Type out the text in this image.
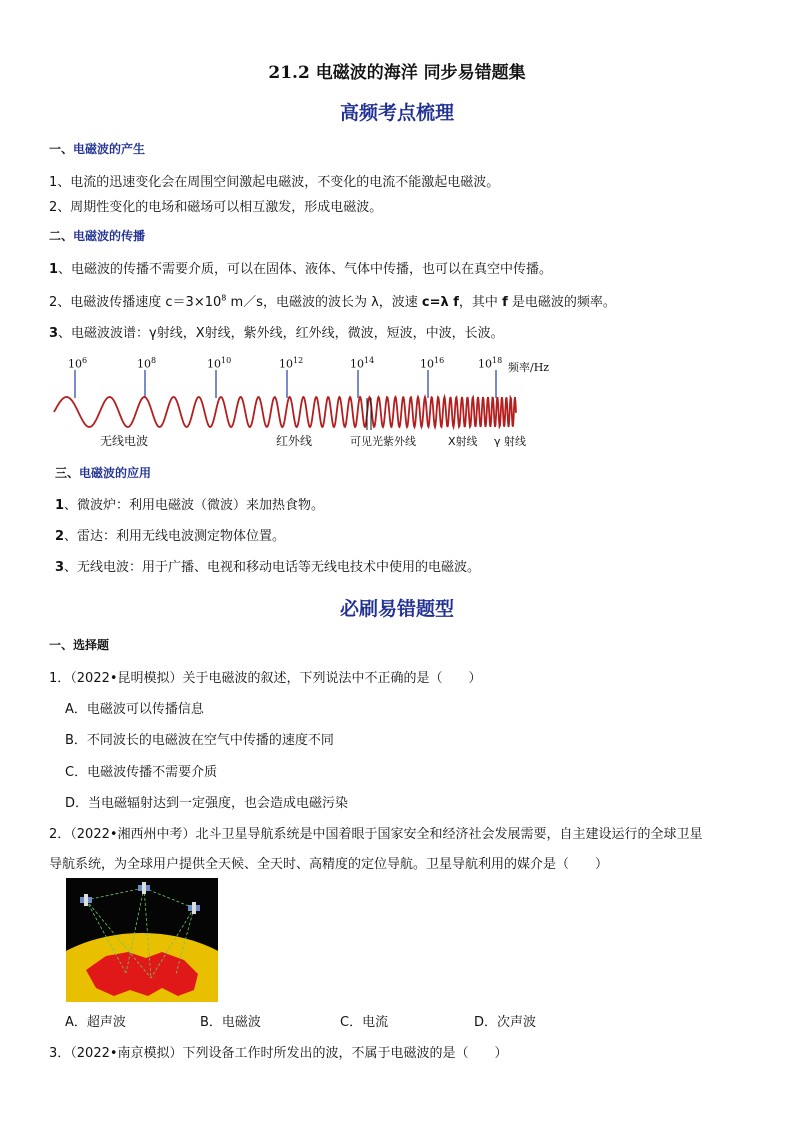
21.2 电磁波的海洋 同步易错题集
高频考点梳理
一、电磁波的产生
1、电流的迅速变化会在周围空间激起电磁波，不变化的电流不能激起电磁波。
2、周期性变化的电场和磁场可以相互激发，形成电磁波。
二、电磁波的传播
1、电磁波的传播不需要介质，可以在固体、液体、气体中传播，也可以在真空中传播。
2、电磁波传播速度 $c=3\times 10^8$ m／s，电磁波的波长为 λ，波速 c=λ f，其中 f 是电磁波的频率。
3、电磁波波谱：γ射线，X射线，紫外线，红外线，微波，短波，中波，长波。
$10^6$	$10^8$	$10^{10}$	$10^{12}$	$10^{14}$	$10^{16}$	$10^{18}$
频率/Hz
无线电波	红外线	可见光紫外线	X射线 γ 射线
三、电磁波的应用
1、微波炉：利用电磁波（微波）来加热食物。
2、雷达：利用无线电波测定物体位置。
3、无线电波：用于广播、电视和移动电话等无线电技术中使用的电磁波。
必刷易错题型
一、选择题
1．（2022•昆明模拟）关于电磁波的叙述，下列说法中不正确的是（　　）
A．电磁波可以传播信息
B．不同波长的电磁波在空气中传播的速度不同
C．电磁波传播不需要介质
D．当电磁辐射达到一定强度，也会造成电磁污染
2．（2022•湘西州中考）北斗卫星导航系统是中国着眼于国家安全和经济社会发展需要，自主建设运行的全球卫星
导航系统，为全球用户提供全天候、全天时、高精度的定位导航。卫星导航利用的媒介是（　　）
A．超声波	B．电磁波	C．电流	D．次声波
3．（2022•南京模拟）下列设备工作时所发出的波，不属于电磁波的是（　　）
